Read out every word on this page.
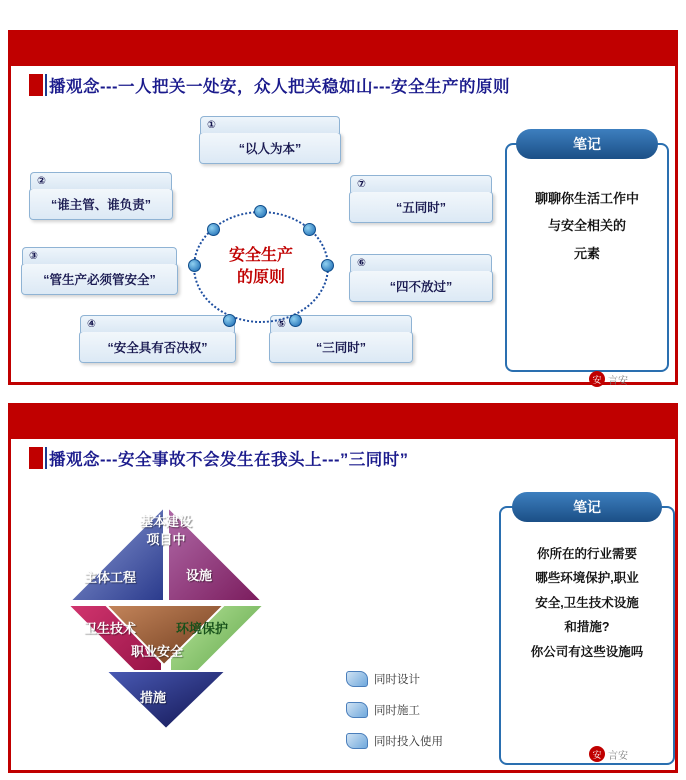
播观念---一人把关一处安，众人把关稳如山---安全生产的原则
①
“以人为本”
②
“谁主管、谁负责”
③
“管生产必须管安全”
④
“安全具有否决权”
⑤
“三同时”
⑥
“四不放过”
⑦
“五同时”
安全生产
的原则
笔记
聊聊你生活工作中
与安全相关的
元素
安 言安
播观念---安全事故不会发生在我头上---”三同时”
基本建设
项目中
主体工程	设施
卫生技术	环境保护
职业安全
措施
同时设计
同时施工
同时投入使用
笔记
你所在的行业需要
哪些环境保护,职业
安全,卫生技术设施
和措施?
你公司有这些设施吗
安 言安
